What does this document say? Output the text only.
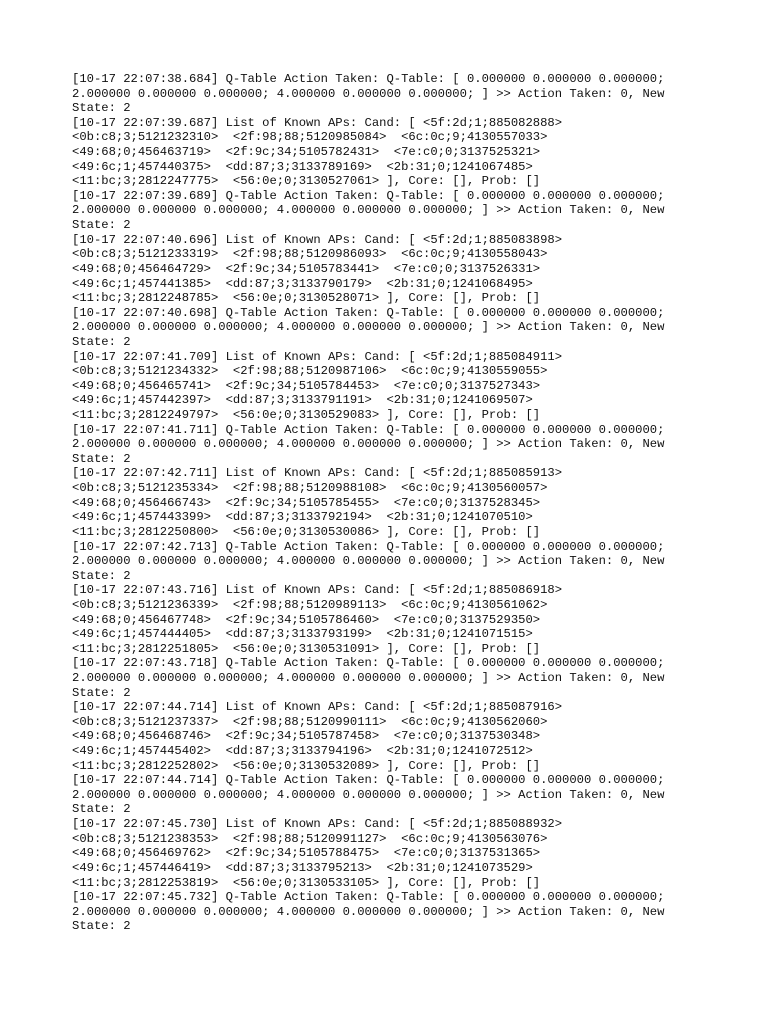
[10-17 22:07:38.684] Q-Table Action Taken: Q-Table: [ 0.000000 0.000000 0.000000;
2.000000 0.000000 0.000000; 4.000000 0.000000 0.000000; ] >> Action Taken: 0, New
State: 2
[10-17 22:07:39.687] List of Known APs: Cand: [ <5f:2d;1;885082888>
<0b:c8;3;5121232310>  <2f:98;88;5120985084>  <6c:0c;9;4130557033>
<49:68;0;456463719>  <2f:9c;34;5105782431>  <7e:c0;0;3137525321>
<49:6c;1;457440375>  <dd:87;3;3133789169>  <2b:31;0;1241067485>
<11:bc;3;2812247775>  <56:0e;0;3130527061> ], Core: [], Prob: []
[10-17 22:07:39.689] Q-Table Action Taken: Q-Table: [ 0.000000 0.000000 0.000000;
2.000000 0.000000 0.000000; 4.000000 0.000000 0.000000; ] >> Action Taken: 0, New
State: 2
[10-17 22:07:40.696] List of Known APs: Cand: [ <5f:2d;1;885083898>
<0b:c8;3;5121233319>  <2f:98;88;5120986093>  <6c:0c;9;4130558043>
<49:68;0;456464729>  <2f:9c;34;5105783441>  <7e:c0;0;3137526331>
<49:6c;1;457441385>  <dd:87;3;3133790179>  <2b:31;0;1241068495>
<11:bc;3;2812248785>  <56:0e;0;3130528071> ], Core: [], Prob: []
[10-17 22:07:40.698] Q-Table Action Taken: Q-Table: [ 0.000000 0.000000 0.000000;
2.000000 0.000000 0.000000; 4.000000 0.000000 0.000000; ] >> Action Taken: 0, New
State: 2
[10-17 22:07:41.709] List of Known APs: Cand: [ <5f:2d;1;885084911>
<0b:c8;3;5121234332>  <2f:98;88;5120987106>  <6c:0c;9;4130559055>
<49:68;0;456465741>  <2f:9c;34;5105784453>  <7e:c0;0;3137527343>
<49:6c;1;457442397>  <dd:87;3;3133791191>  <2b:31;0;1241069507>
<11:bc;3;2812249797>  <56:0e;0;3130529083> ], Core: [], Prob: []
[10-17 22:07:41.711] Q-Table Action Taken: Q-Table: [ 0.000000 0.000000 0.000000;
2.000000 0.000000 0.000000; 4.000000 0.000000 0.000000; ] >> Action Taken: 0, New
State: 2
[10-17 22:07:42.711] List of Known APs: Cand: [ <5f:2d;1;885085913>
<0b:c8;3;5121235334>  <2f:98;88;5120988108>  <6c:0c;9;4130560057>
<49:68;0;456466743>  <2f:9c;34;5105785455>  <7e:c0;0;3137528345>
<49:6c;1;457443399>  <dd:87;3;3133792194>  <2b:31;0;1241070510>
<11:bc;3;2812250800>  <56:0e;0;3130530086> ], Core: [], Prob: []
[10-17 22:07:42.713] Q-Table Action Taken: Q-Table: [ 0.000000 0.000000 0.000000;
2.000000 0.000000 0.000000; 4.000000 0.000000 0.000000; ] >> Action Taken: 0, New
State: 2
[10-17 22:07:43.716] List of Known APs: Cand: [ <5f:2d;1;885086918>
<0b:c8;3;5121236339>  <2f:98;88;5120989113>  <6c:0c;9;4130561062>
<49:68;0;456467748>  <2f:9c;34;5105786460>  <7e:c0;0;3137529350>
<49:6c;1;457444405>  <dd:87;3;3133793199>  <2b:31;0;1241071515>
<11:bc;3;2812251805>  <56:0e;0;3130531091> ], Core: [], Prob: []
[10-17 22:07:43.718] Q-Table Action Taken: Q-Table: [ 0.000000 0.000000 0.000000;
2.000000 0.000000 0.000000; 4.000000 0.000000 0.000000; ] >> Action Taken: 0, New
State: 2
[10-17 22:07:44.714] List of Known APs: Cand: [ <5f:2d;1;885087916>
<0b:c8;3;5121237337>  <2f:98;88;5120990111>  <6c:0c;9;4130562060>
<49:68;0;456468746>  <2f:9c;34;5105787458>  <7e:c0;0;3137530348>
<49:6c;1;457445402>  <dd:87;3;3133794196>  <2b:31;0;1241072512>
<11:bc;3;2812252802>  <56:0e;0;3130532089> ], Core: [], Prob: []
[10-17 22:07:44.714] Q-Table Action Taken: Q-Table: [ 0.000000 0.000000 0.000000;
2.000000 0.000000 0.000000; 4.000000 0.000000 0.000000; ] >> Action Taken: 0, New
State: 2
[10-17 22:07:45.730] List of Known APs: Cand: [ <5f:2d;1;885088932>
<0b:c8;3;5121238353>  <2f:98;88;5120991127>  <6c:0c;9;4130563076>
<49:68;0;456469762>  <2f:9c;34;5105788475>  <7e:c0;0;3137531365>
<49:6c;1;457446419>  <dd:87;3;3133795213>  <2b:31;0;1241073529>
<11:bc;3;2812253819>  <56:0e;0;3130533105> ], Core: [], Prob: []
[10-17 22:07:45.732] Q-Table Action Taken: Q-Table: [ 0.000000 0.000000 0.000000;
2.000000 0.000000 0.000000; 4.000000 0.000000 0.000000; ] >> Action Taken: 0, New
State: 2
